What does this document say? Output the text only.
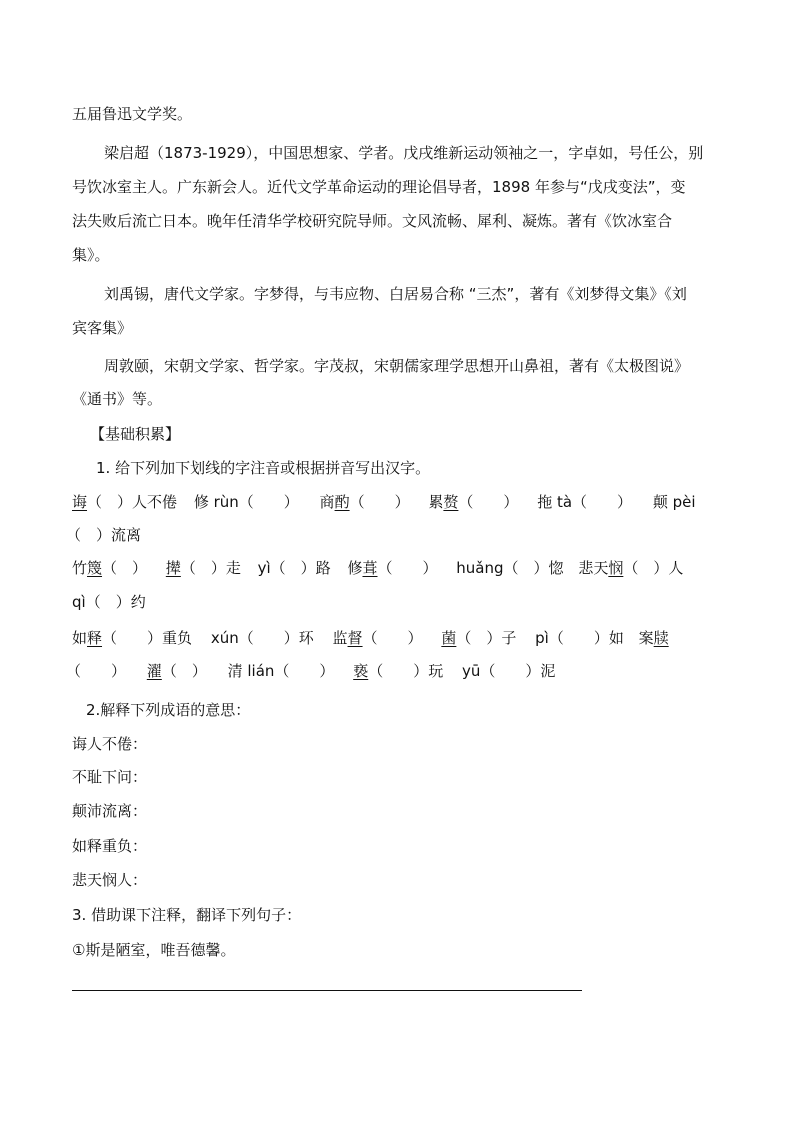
五届鲁迅文学奖。
梁启超（1873-1929），中国思想家、学者。戊戌维新运动领袖之一，字卓如，号任公，别
号饮冰室主人。广东新会人。近代文学革命运动的理论倡导者，1898 年参与“戊戌变法”，变
法失败后流亡日本。晚年任清华学校研究院导师。文风流畅、犀利、凝炼。著有《饮冰室合
集》。
刘禹锡，唐代文学家。字梦得，与韦应物、白居易合称 “三杰”，著有《刘梦得文集》《刘
宾客集》
周敦颐，宋朝文学家、哲学家。字茂叔，宋朝儒家理学思想开山鼻祖，著有《太极图说》
《通书》等。
【基础积累】
1. 给下列加下划线的字注音或根据拼音写出汉字。
诲（　）人不倦 修 rùn（　　） 商酌（　　） 累赘（　　） 拖 tà（　　） 颠 pèi
（　）流离
竹篾（　） 撵（　）走 yì（　）路 修葺（　　） huǎng（　）惚 悲天悯（　）人
qì（　）约
如释（　　）重负 xún（　　）环 监督（　　） 菌（　）子 pì（　　）如 案牍
（　　） 濯（　） 清 lián（　　） 亵（　　）玩 yū（　　）泥
2.解释下列成语的意思：
诲人不倦：
不耻下问：
颠沛流离：
如释重负：
悲天悯人：
3. 借助课下注释，翻译下列句子：
①斯是陋室，唯吾德馨。
